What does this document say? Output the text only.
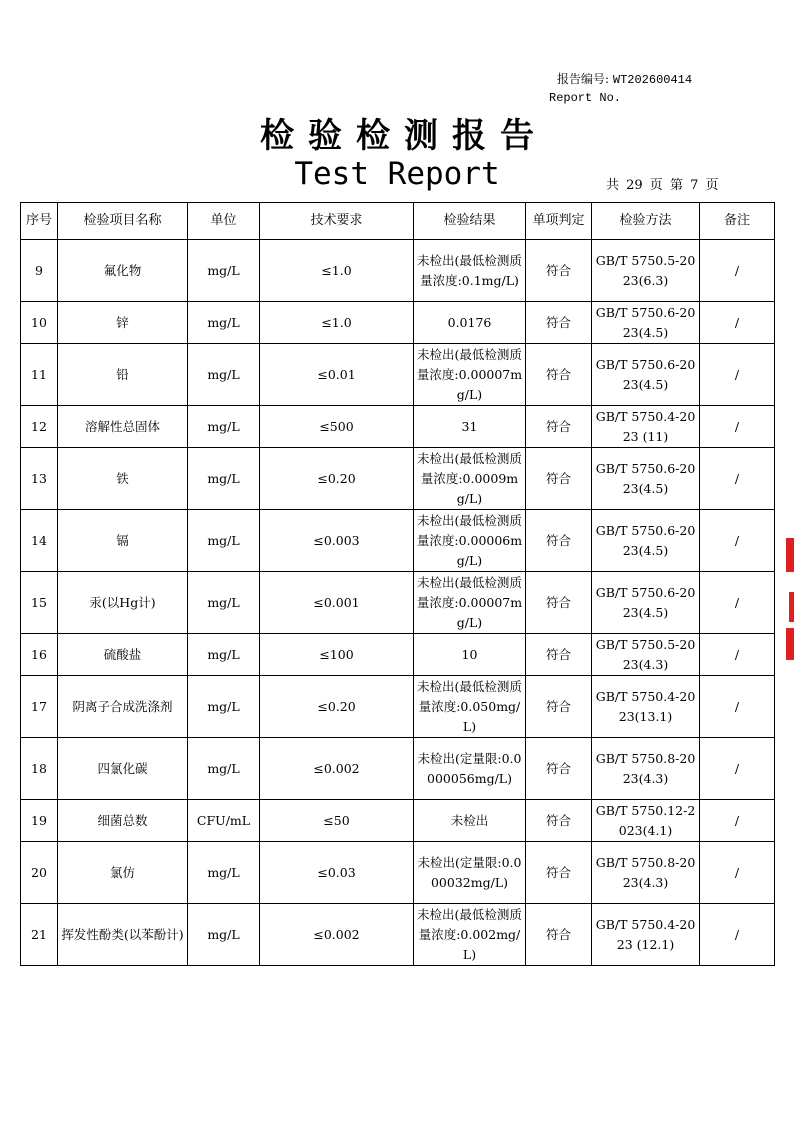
报告编号: WT202600414
Report No.
检验检测报告
Test Report	共 29 页 第 7 页
序号	检验项目名称	单位	技术要求	检验结果	单项判定	检验方法	备注
9	氟化物	mg/L	≤1.0	未检出(最低检测质量浓度:0.1mg/L)	符合	GB/T 5750.5-2023(6.3)	/
10	锌	mg/L	≤1.0	0.0176	符合	GB/T 5750.6-2023(4.5)	/
11	铅	mg/L	≤0.01	未检出(最低检测质量浓度:0.00007mg/L)	符合	GB/T 5750.6-2023(4.5)	/
12	溶解性总固体	mg/L	≤500	31	符合	GB/T 5750.4-2023 (11)	/
13	铁	mg/L	≤0.20	未检出(最低检测质量浓度:0.0009mg/L)	符合	GB/T 5750.6-2023(4.5)	/
14	镉	mg/L	≤0.003	未检出(最低检测质量浓度:0.00006mg/L)	符合	GB/T 5750.6-2023(4.5)	/
15	汞(以Hg计)	mg/L	≤0.001	未检出(最低检测质量浓度:0.00007mg/L)	符合	GB/T 5750.6-2023(4.5)	/
16	硫酸盐	mg/L	≤100	10	符合	GB/T 5750.5-2023(4.3)	/
17	阴离子合成洗涤剂	mg/L	≤0.20	未检出(最低检测质量浓度:0.050mg/L)	符合	GB/T 5750.4-2023(13.1)	/
18	四氯化碳	mg/L	≤0.002	未检出(定量限:0.0000056mg/L)	符合	GB/T 5750.8-2023(4.3)	/
19	细菌总数	CFU/mL	≤50	未检出	符合	GB/T 5750.12-2023(4.1)	/
20	氯仿	mg/L	≤0.03	未检出(定量限:0.000032mg/L)	符合	GB/T 5750.8-2023(4.3)	/
21	挥发性酚类(以苯酚计)	mg/L	≤0.002	未检出(最低检测质量浓度:0.002mg/L)	符合	GB/T 5750.4-2023 (12.1)	/
